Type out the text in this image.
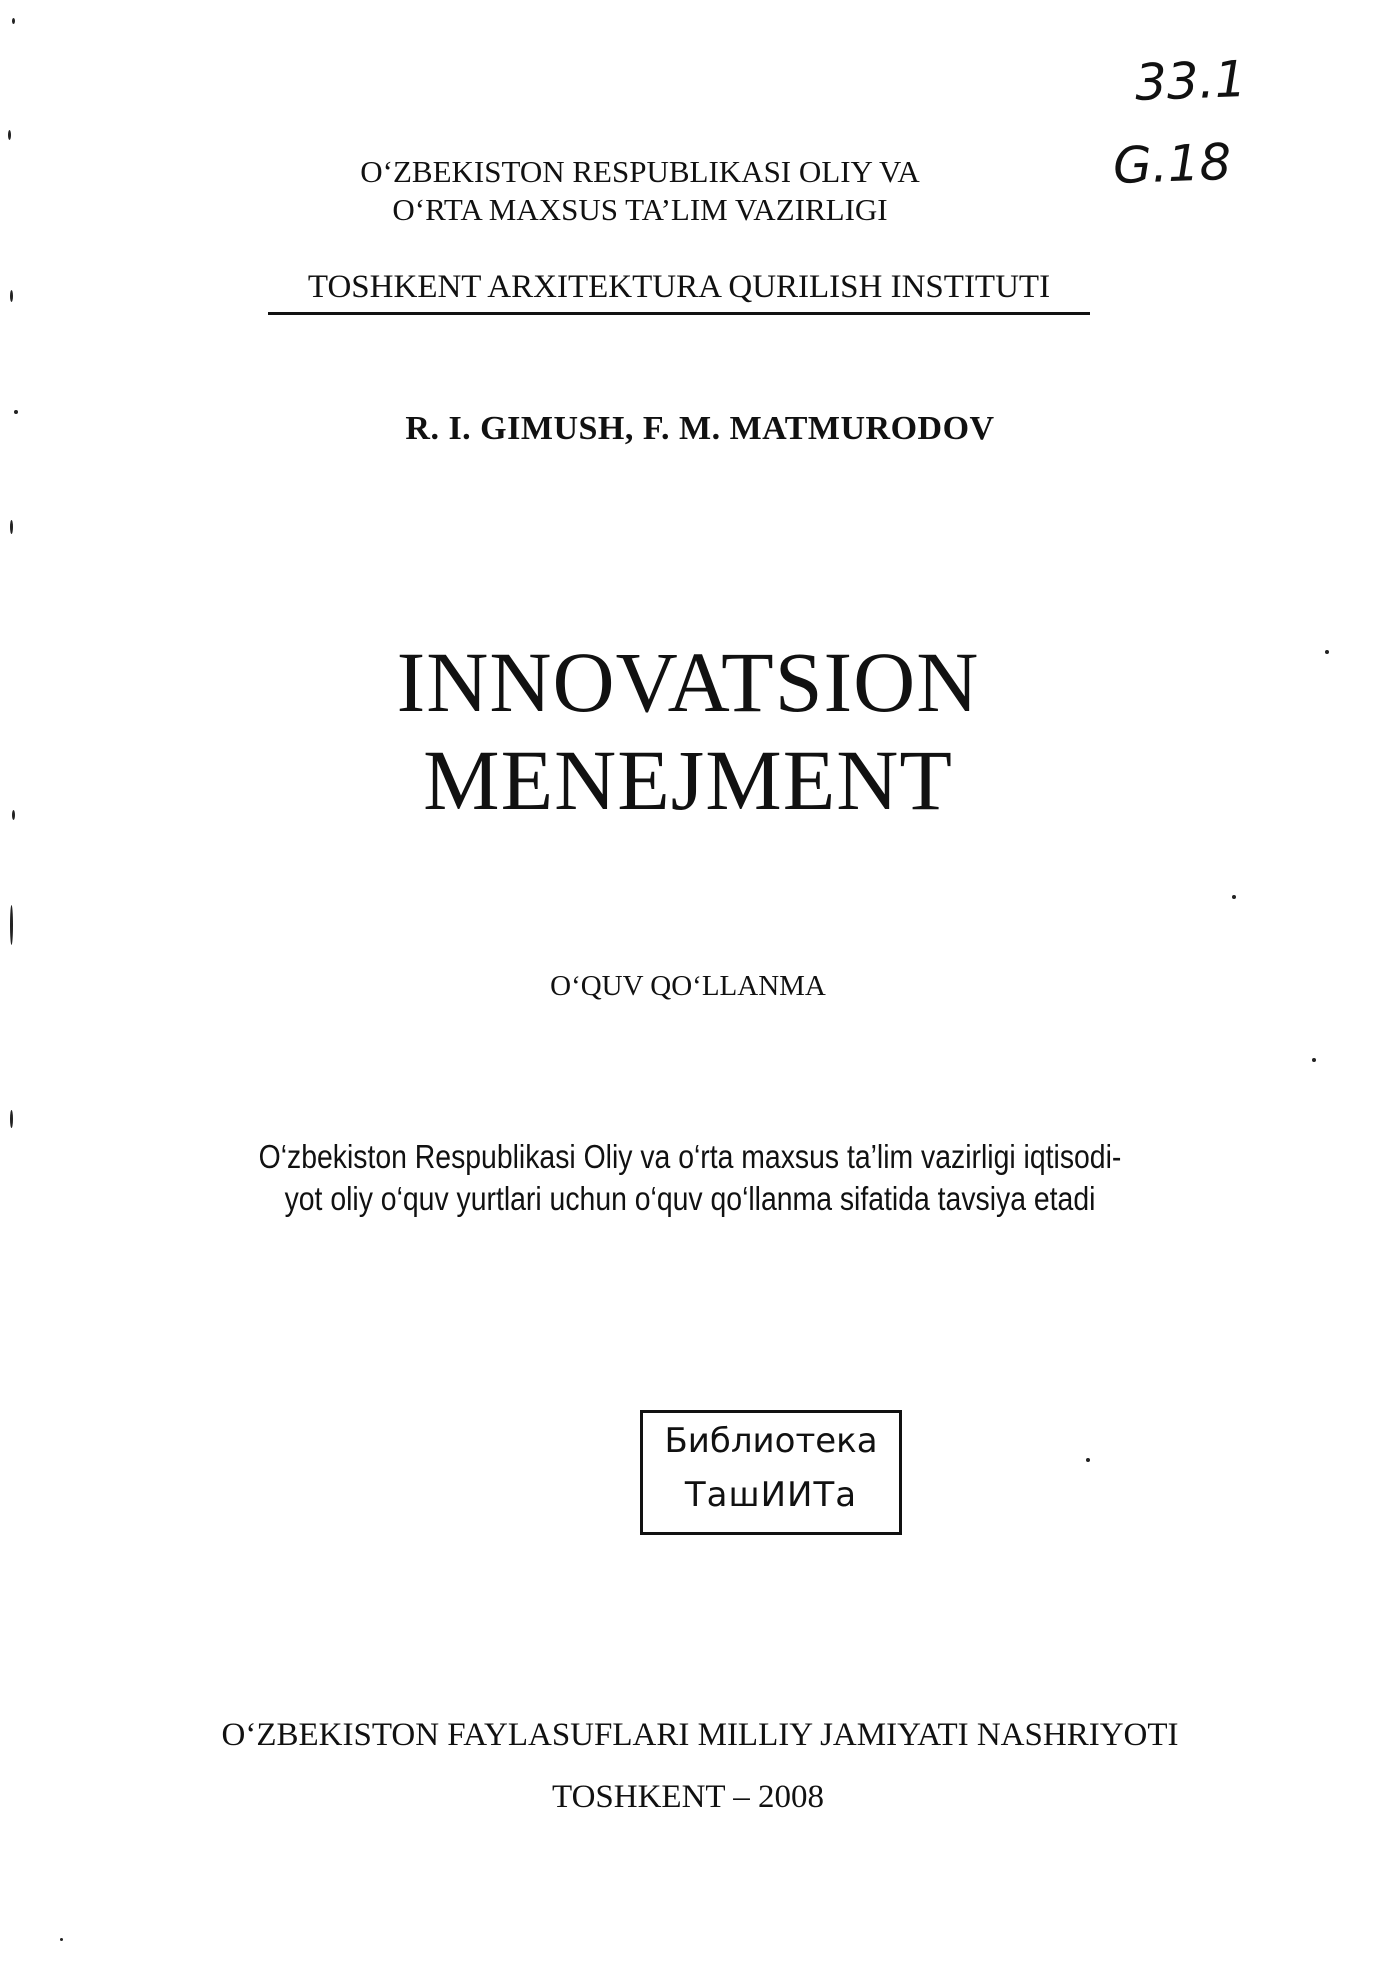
O‘ZBEKISTON RESPUBLIKASI OLIY VA
O‘RTA MAXSUS TA’LIM VAZIRLIGI
TOSHKENT ARXITEKTURA QURILISH INSTITUTI
R. I. GIMUSH, F. M. MATMURODOV
INNOVATSION
MENEJMENT
O‘QUV QO‘LLANMA
O‘zbekiston Respublikasi Oliy va o‘rta maxsus ta’lim vazirligi iqtisodi-
yot oliy o‘quv yurtlari uchun o‘quv qo‘llanma sifatida tavsiya etadi
Библиотека
ТашИИТа
33.1
G.18
O‘ZBEKISTON FAYLASUFLARI MILLIY JAMIYATI NASHRIYOTI
TOSHKENT – 2008
